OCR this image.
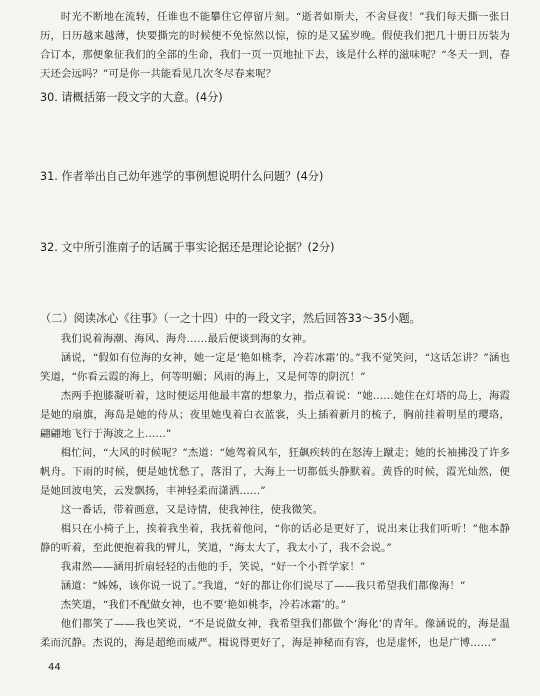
时光不断地在流转，任谁也不能攀住它停留片刻。“逝者如斯夫，不舍昼夜！”我们每天撕一张日历，日历越来越薄，快要撕完的时候便不免惊然以惊，惊的是又猛岁晚。假使我们把几十册日历装为合订本，那便象征我们的全部的生命，我们一页一页地扯下去，该是什么样的滋味呢？“冬天一到，春天还会远吗？”可是你一共能看见几次冬尽春来呢？

30. 请概括第一段文字的大意。(4分)

31. 作者举出自己幼年逃学的事例想说明什么问题？(4分)

32. 文中所引淮南子的话属于事实论据还是理论论据？(2分)

（二）阅读冰心《往事》（一之十四）中的一段文字，然后回答33～35小题。

我们说着海潮、海风、海舟……最后便谈到海的女神。

涵说，“假如有位海的女神，她一定是‘艳如桃李，冷若冰霜’的。”我不觉笑问，“这话怎讲？”涵也笑道，“你看云霞的海上，何等明媚；风雨的海上，又是何等的阴沉！”

杰两手抱膝凝听着，这时便运用他最丰富的想象力，指点着说：“她……她住在灯塔的岛上，海霞是她的扇旗，海岛是她的侍从；夜里她曳着白衣蓝裳，头上插着新月的梳子，胸前挂着明星的璎珞，翩翩地飞行于海波之上……”

楫忙问，“大风的时候呢？”杰道：“她驾着风车，狂飙疾转的在怒涛上蹴走；她的长袖拂没了许多帆舟。下雨的时候，便是她忧愁了，落泪了，大海上一切都低头静默着。黄昏的时候，霞光灿然，便是她回波电笑，云发飘扬，丰神轻柔而潇洒……”

这一番话，带着画意，又是诗情，使我神往，使我微笑。

楫只在小椅子上，挨着我坐着，我抚着他问，“你的话必是更好了，说出来让我们听听！”他本静静的听着，至此便抱着我的臂儿，笑道，“海太大了，我太小了，我不会说。”

我肃然——涵用折扇轻轻的击他的手，笑说，“好一个小哲学家！”

涵道：“姊姊，该你说一说了。”我道，“好的都让你们说尽了——我只希望我们都像海！”

杰笑道，“我们不配做女神，也不要‘艳如桃李，冷若冰霜’的。”

他们都笑了——我也笑说，“不是说做女神，我希望我们都做个‘海化’的青年。像涵说的，海是温柔而沉静。杰说的，海是超绝而威严。楫说得更好了，海是神秘而有容，也是虚怀，也是广博……”

44
